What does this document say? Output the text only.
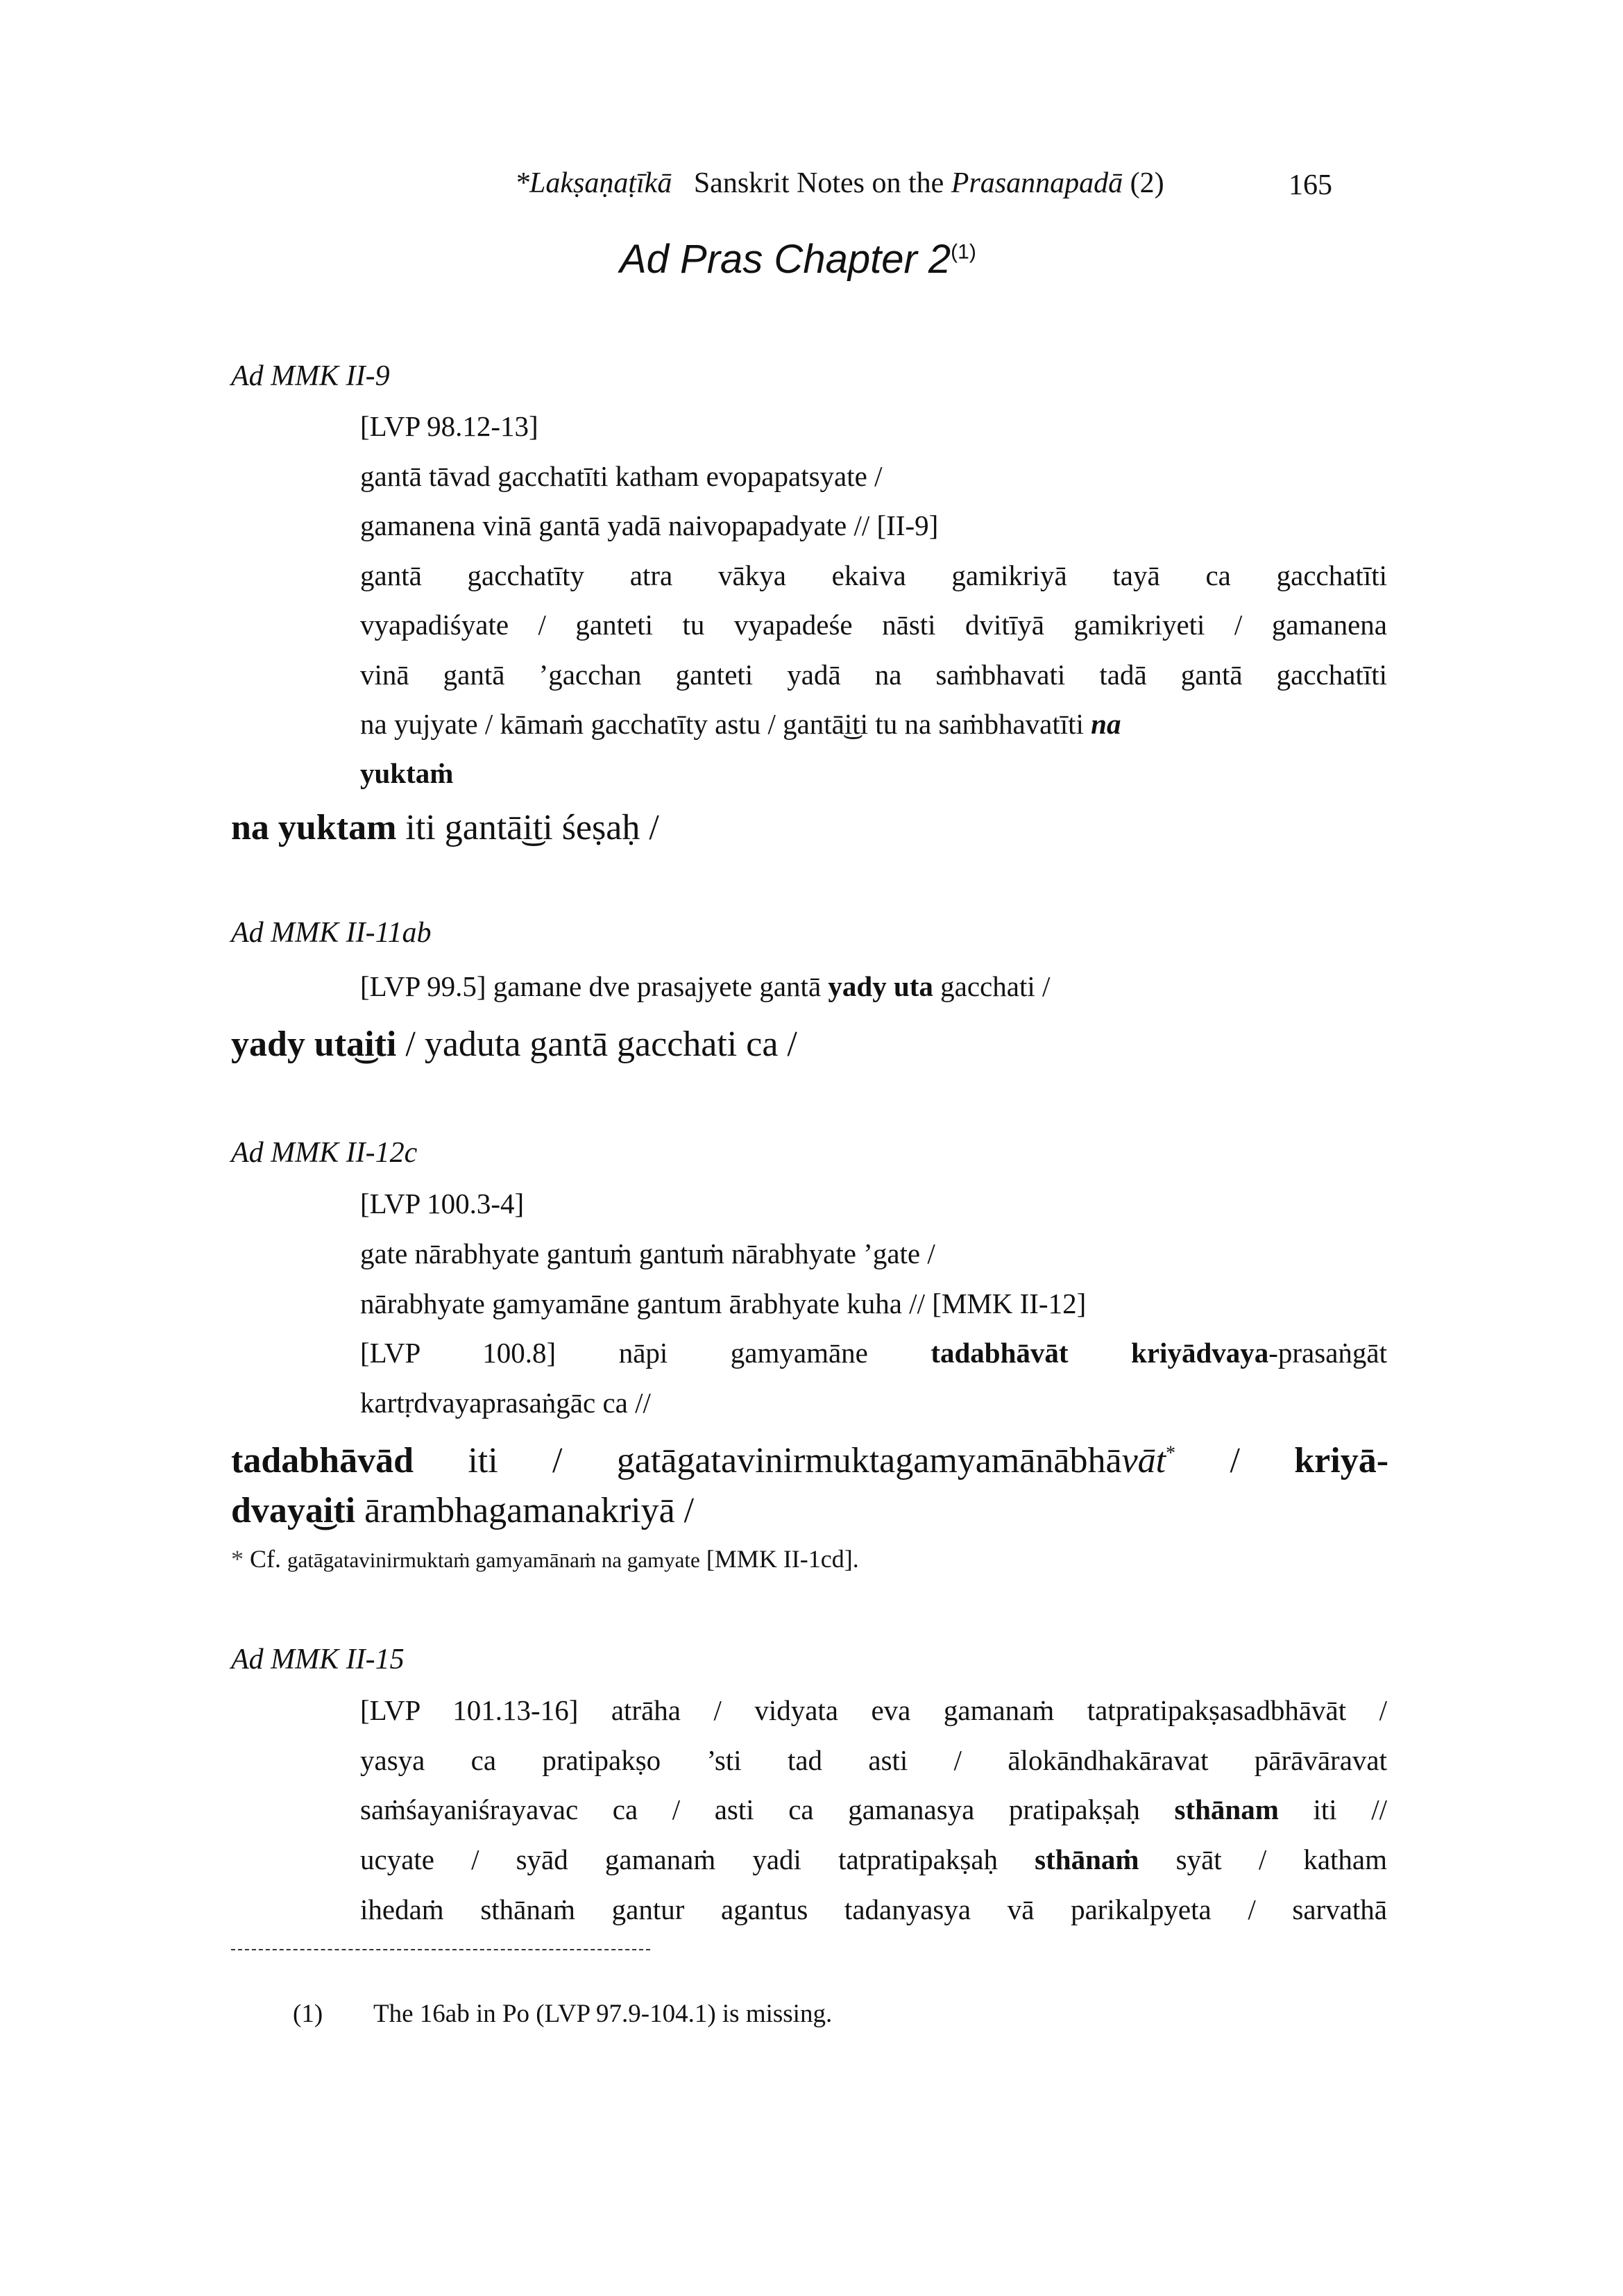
*Lakṣaṇaṭīkā Sanskrit Notes on the Prasannapadā (2)	165
Ad Pras Chapter 2$^{(1)}$
Ad MMK II-9
[LVP 98.12-13]
gantā tāvad gacchatīti katham evopapatsyate /
gamanena vinā gantā yadā naivopapadyate // [II-9]
gantā gacchatīty atra vākya ekaiva gamikriyā tayā ca gacchatīti
vyapadiśyate / ganteti tu vyapadeśe nāsti dvitīyā gamikriyeti / gamanena
vinā gantā ’gacchan ganteti yadā na saṁbhavati tadā gantā gacchatīti
na yujyate / kāmaṁ gacchatīty astu / gantā͜iti tu na saṁbhavatīti na
yuktaṁ
na yuktam iti gantā͜iti śeṣaḥ /
Ad MMK II-11ab
[LVP 99.5] gamane dve prasajyete gantā yady uta gacchati /
yady uta͜iti / yaduta gantā gacchati ca /
Ad MMK II-12c
[LVP 100.3-4]
gate nārabhyate gantuṁ gantuṁ nārabhyate ’gate /
nārabhyate gamyamāne gantum ārabhyate kuha // [MMK II-12]
[LVP 100.8] nāpi gamyamāne tadabhāvāt kriyādvaya-prasaṅgāt
kartṛdvayaprasaṅgāc ca //
tadabhāvād iti / gatāgatavinirmuktagamyamānābhāvāt* / kriyā-
dvaya͜iti ārambhagamanakriyā /
* Cf. gatāgatavinirmuktaṁ gamyamānaṁ na gamyate [MMK II-1cd].
Ad MMK II-15
[LVP 101.13-16] atrāha / vidyata eva gamanaṁ tatpratipakṣasadbhāvāt /
yasya ca pratipakṣo ’sti tad asti / ālokāndhakāravat pārāvāravat
saṁśayaniśrayavac ca / asti ca gamanasya pratipakṣaḥ sthānam iti //
ucyate / syād gamanaṁ yadi tatpratipakṣaḥ sthānaṁ syāt / katham
ihedaṁ sthānaṁ gantur agantus tadanyasya vā parikalpyeta / sarvathā
(1) The 16ab in Po (LVP 97.9-104.1) is missing.
